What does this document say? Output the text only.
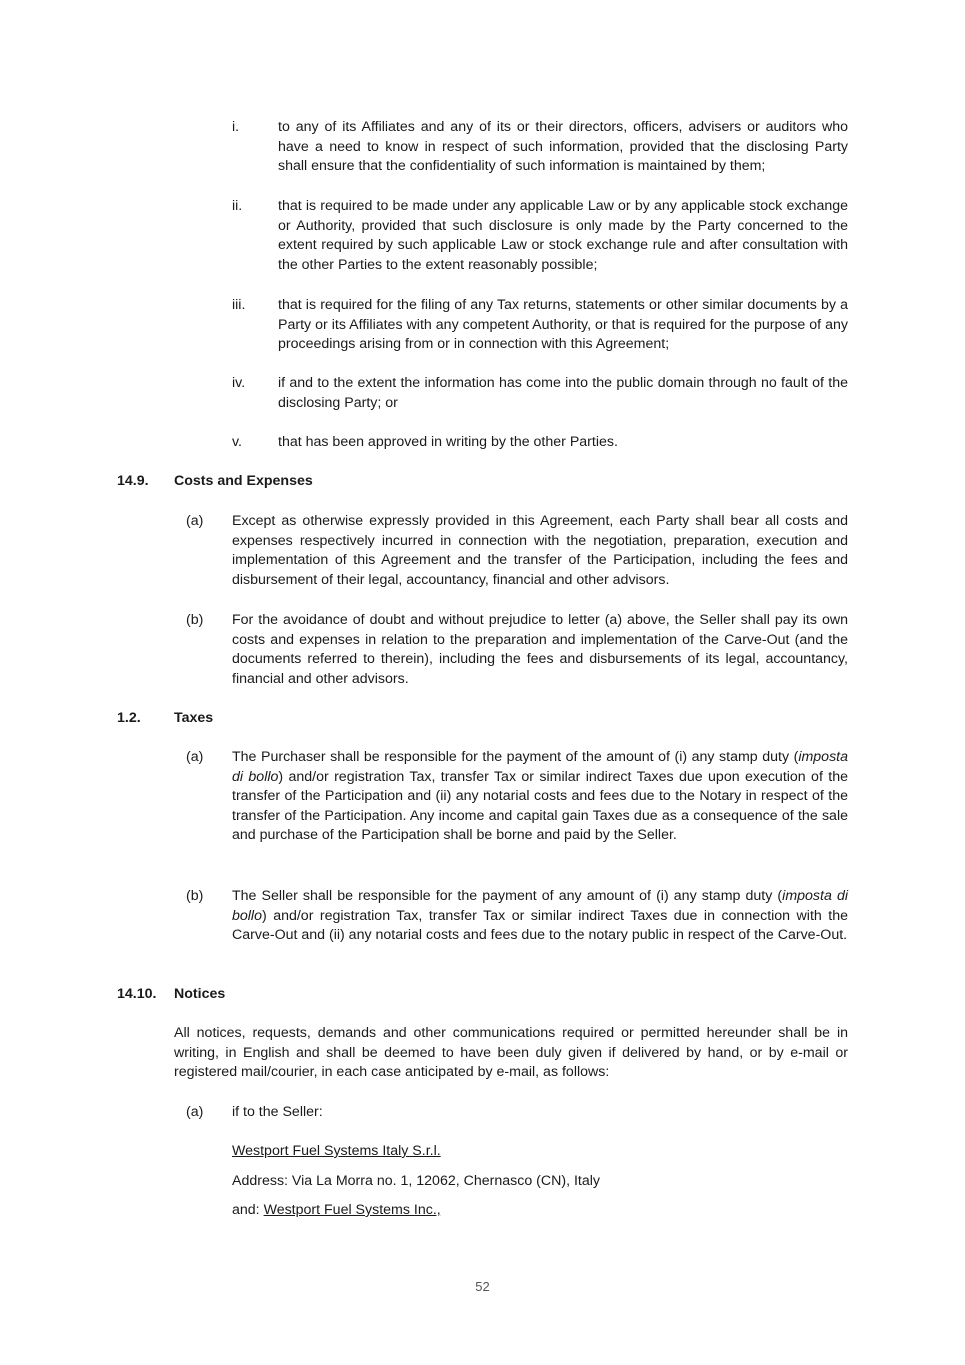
i.	to any of its Affiliates and any of its or their directors, officers, advisers or auditors who have a need to know in respect of such information, provided that the disclosing Party shall ensure that the confidentiality of such information is maintained by them;
ii.	that is required to be made under any applicable Law or by any applicable stock exchange or Authority, provided that such disclosure is only made by the Party concerned to the extent required by such applicable Law or stock exchange rule and after consultation with the other Parties to the extent reasonably possible;
iii. that is required for the filing of any Tax returns, statements or other similar documents by a Party or its Affiliates with any competent Authority, or that is required for the purpose of any proceedings arising from or in connection with this Agreement;
iv. if and to the extent the information has come into the public domain through no fault of the disclosing Party; or
v.	that has been approved in writing by the other Parties.
14.9. Costs and Expenses
(a) Except as otherwise expressly provided in this Agreement, each Party shall bear all costs and expenses respectively incurred in connection with the negotiation, preparation, execution and implementation of this Agreement and the transfer of the Participation, including the fees and disbursement of their legal, accountancy, financial and other advisors.
(b) For the avoidance of doubt and without prejudice to letter (a) above, the Seller shall pay its own costs and expenses in relation to the preparation and implementation of the Carve-Out (and the documents referred to therein), including the fees and disbursements of its legal, accountancy, financial and other advisors.
1.2. Taxes
(a) The Purchaser shall be responsible for the payment of the amount of (i) any stamp duty (imposta di bollo) and/or registration Tax, transfer Tax or similar indirect Taxes due upon execution of the transfer of the Participation and (ii) any notarial costs and fees due to the Notary in respect of the transfer of the Participation. Any income and capital gain Taxes due as a consequence of the sale and purchase of the Participation shall be borne and paid by the Seller.
(b) The Seller shall be responsible for the payment of any amount of (i) any stamp duty (imposta di bollo) and/or registration Tax, transfer Tax or similar indirect Taxes due in connection with the Carve-Out and (ii) any notarial costs and fees due to the notary public in respect of the Carve-Out.
14.10. Notices
All notices, requests, demands and other communications required or permitted hereunder shall be in writing, in English and shall be deemed to have been duly given if delivered by hand, or by e-mail or registered mail/courier, in each case anticipated by e-mail, as follows:
(a) if to the Seller:
Westport Fuel Systems Italy S.r.l.
Address: Via La Morra no. 1, 12062, Chernasco (CN), Italy
and: Westport Fuel Systems Inc.,
52
